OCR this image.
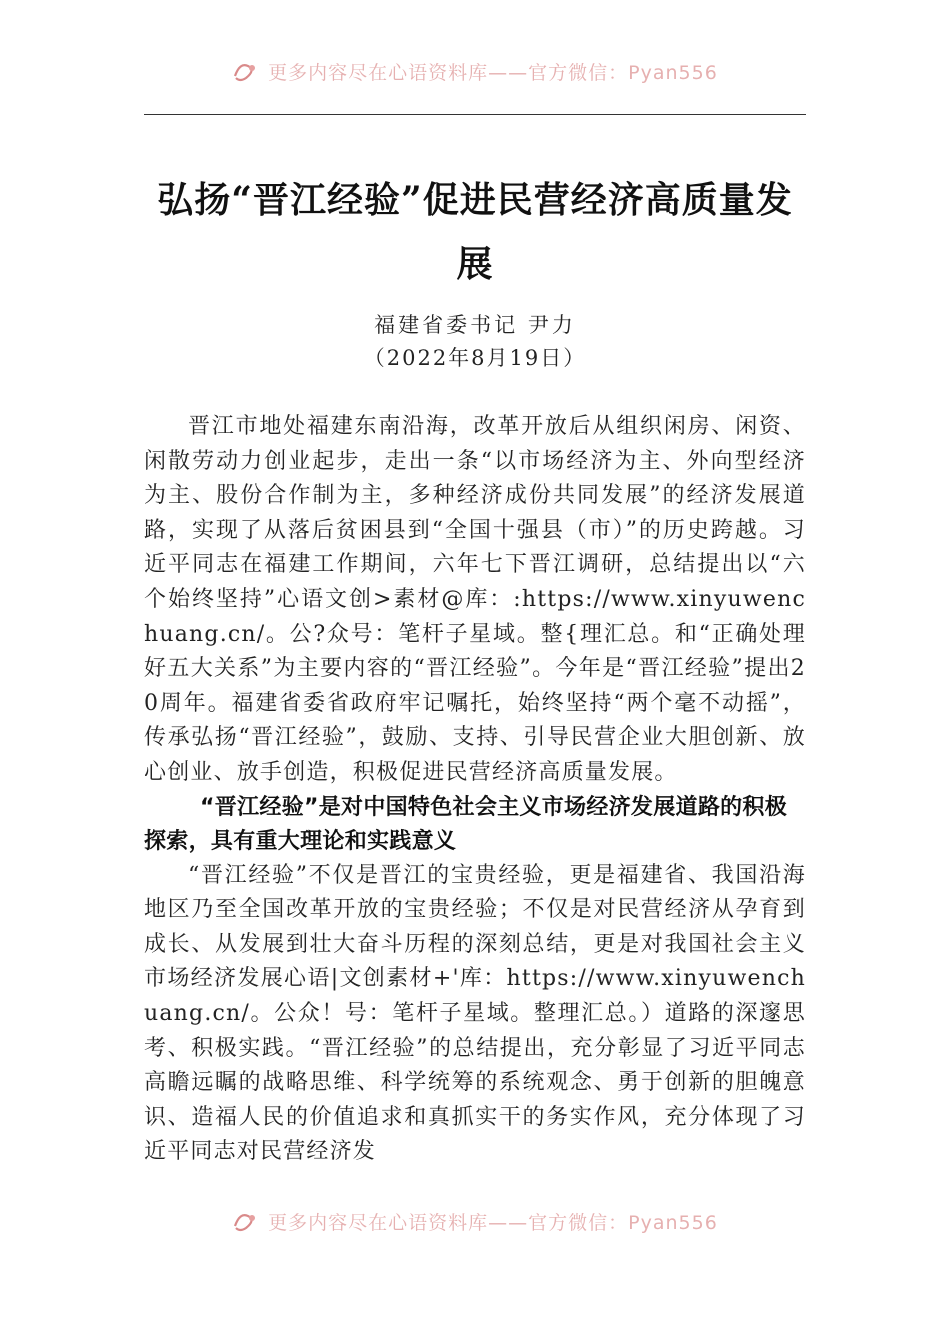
更多内容尽在心语资料库——官方微信：Pyan556
弘扬“晋江经验”促进民营经济高质量发展
福建省委书记 尹力
（2022年8月19日）

晋江市地处福建东南沿海，改革开放后从组织闲房、闲资、闲散劳动力创业起步，走出一条“以市场经济为主、外向型经济为主、股份合作制为主，多种经济成份共同发展”的经济发展道路，实现了从落后贫困县到“全国十强县（市）”的历史跨越。习近平同志在福建工作期间，六年七下晋江调研，总结提出以“六个始终坚持”心语文创>素材@库：:https://www.xinyuwenchuang.cn/。公?众号：笔杆子星域。整{理汇总。和“正确处理好五大关系”为主要内容的“晋江经验”。今年是“晋江经验”提出20周年。福建省委省政府牢记嘱托，始终坚持“两个毫不动摇”，传承弘扬“晋江经验”，鼓励、支持、引导民营企业大胆创新、放心创业、放手创造，积极促进民营经济高质量发展。

“晋江经验”是对中国特色社会主义市场经济发展道路的积极探索，具有重大理论和实践意义

“晋江经验”不仅是晋江的宝贵经验，更是福建省、我国沿海地区乃至全国改革开放的宝贵经验；不仅是对民营经济从孕育到成长、从发展到壮大奋斗历程的深刻总结，更是对我国社会主义市场经济发展心语|文创素材+'库：https://www.xinyuwenchuang.cn/。公众！号：笔杆子星域。整理汇总。）道路的深邃思考、积极实践。“晋江经验”的总结提出，充分彰显了习近平同志高瞻远瞩的战略思维、科学统筹的系统观念、勇于创新的胆魄意识、造福人民的价值追求和真抓实干的务实作风，充分体现了习近平同志对民营经济发

更多内容尽在心语资料库——官方微信：Pyan556
